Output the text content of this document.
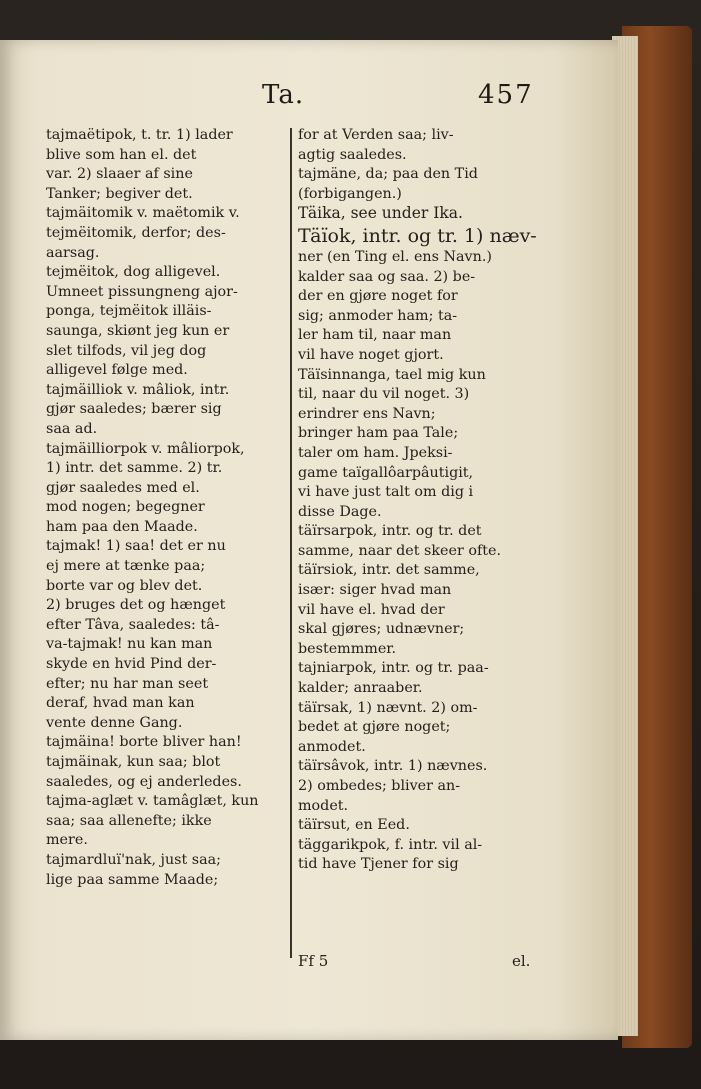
Ta.	457
tajmaëtipok, t. tr. 1) lader
blive som han el. det
var. 2) slaaer af sine
Tanker; begiver det.
tajmäitomik v. maëtomik v.
tejmëitomik, derfor; des-
aarsag.
tejmëitok, dog alligevel.
Umneet pissungneng ajor-
ponga, tejmëitok illäis-
saunga, skiønt jeg kun er
slet tilfods, vil jeg dog
alligevel følge med.
tajmäilliok v. mâliok, intr.
gjør saaledes; bærer sig
saa ad.
tajmäilliorpok v. mâliorpok,
1) intr. det samme. 2) tr.
gjør saaledes med el.
mod nogen; begegner
ham paa den Maade.
tajmak! 1) saa! det er nu
ej mere at tænke paa;
borte var og blev det.
2) bruges det og hænget
efter Tâva, saaledes: tâ-
va-tajmak! nu kan man
skyde en hvid Pind der-
efter; nu har man seet
deraf, hvad man kan
vente denne Gang.
tajmäina! borte bliver han!
tajmäinak, kun saa; blot
saaledes, og ej anderledes.
tajma-aglæt v. tamâglæt, kun
saa; saa allenefte; ikke
mere.
tajmardluï'nak, just saa;
lige paa samme Maade;
for at Verden saa; liv-
agtig saaledes.
tajmäne, da; paa den Tid
(forbigangen.)
Täika, see under Ika.
Täïok, intr. og tr. 1) næv-
ner (en Ting el. ens Navn.)
kalder saa og saa. 2) be-
der en gjøre noget for
sig; anmoder ham; ta-
ler ham til, naar man
vil have noget gjort.
Täïsinnanga, tael mig kun
til, naar du vil noget. 3)
erindrer ens Navn;
bringer ham paa Tale;
taler om ham. Jpeksi-
game taïgallôarpâutigit,
vi have just talt om dig i
disse Dage.
täïrsarpok, intr. og tr. det
samme, naar det skeer ofte.
täïrsiok, intr. det samme,
især: siger hvad man
vil have el. hvad der
skal gjøres; udnævner;
bestemmmer.
tajniarpok, intr. og tr. paa-
kalder; anraaber.
täïrsak, 1) nævnt. 2) om-
bedet at gjøre noget;
anmodet.
täïrsâvok, intr. 1) nævnes.
2) ombedes; bliver an-
modet.
täïrsut, en Eed.
täggarikpok, f. intr. vil al-
tid have Tjener for sig
Ff 5	el.
